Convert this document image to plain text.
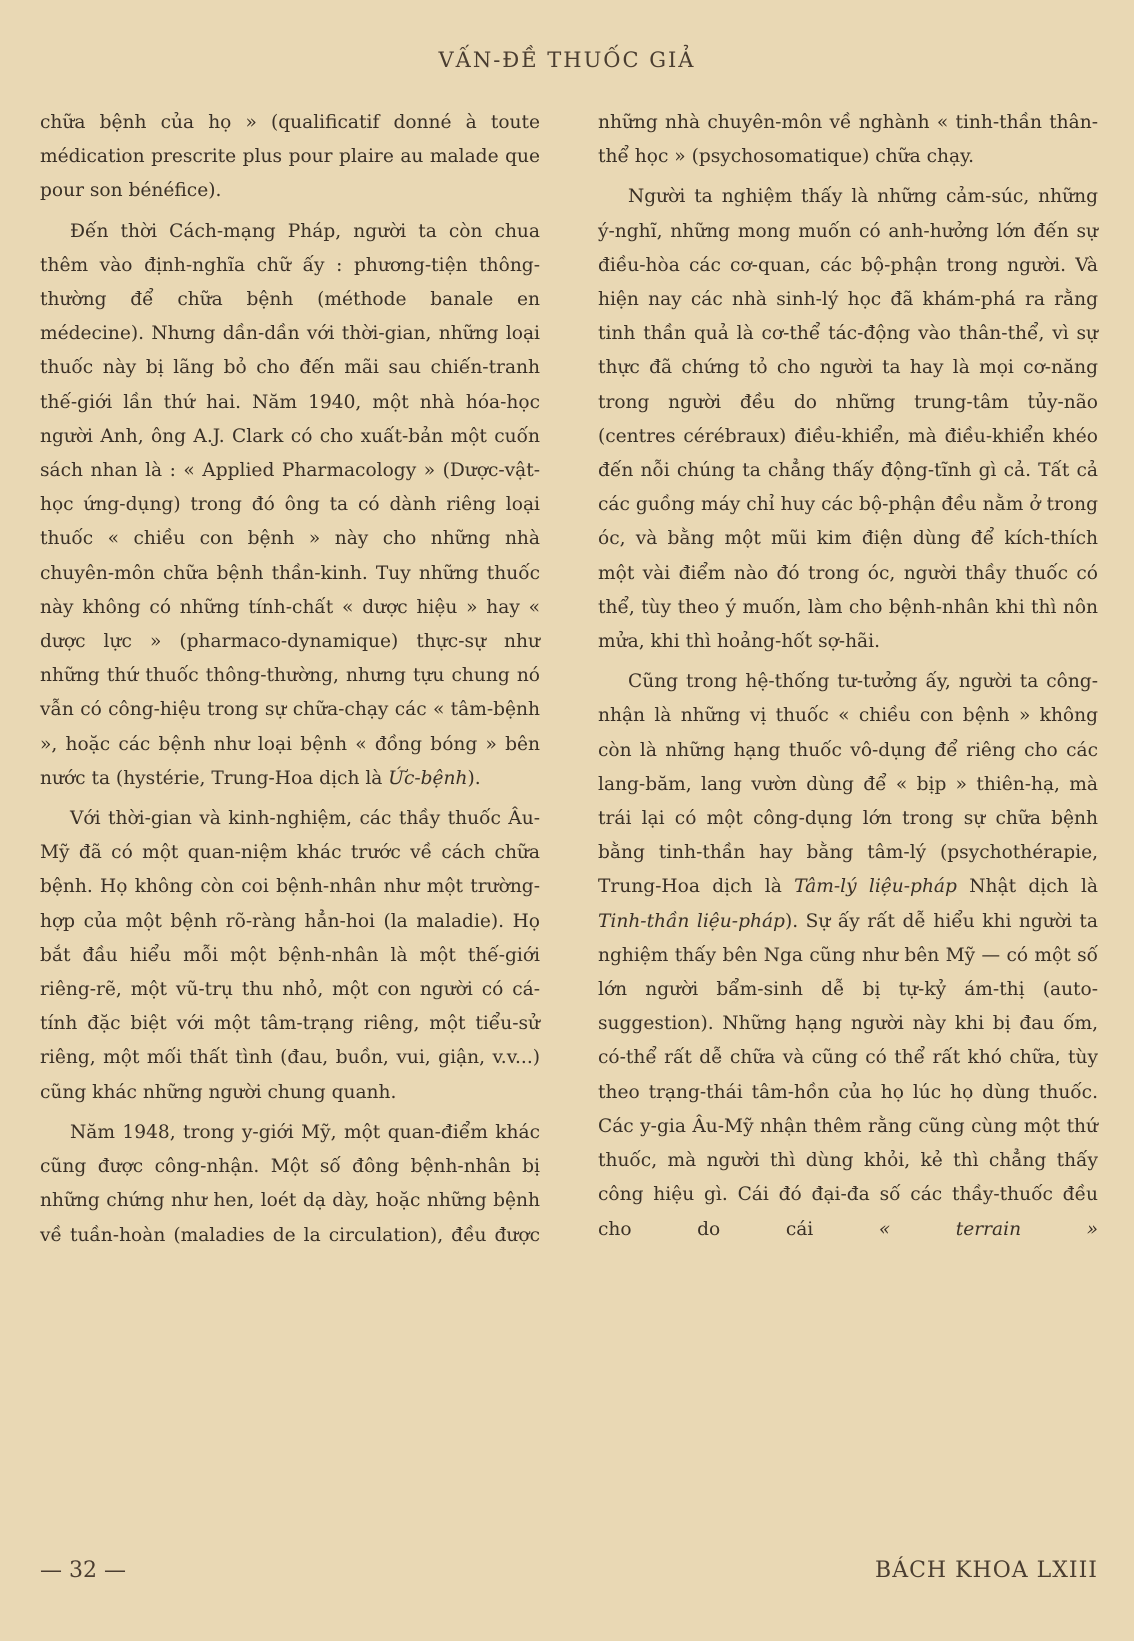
VẤN-ĐỀ THUỐC GIẢ

chữa bệnh của họ » (qualificatif donné à toute médication prescrite plus pour plaire au malade que pour son bénéfice).

Đến thời Cách-mạng Pháp, người ta còn chua thêm vào định-nghĩa chữ ấy : phương-tiện thông-thường để chữa bệnh (méthode banale en médecine). Nhưng dần-dần với thời-gian, những loại thuốc này bị lãng bỏ cho đến mãi sau chiến-tranh thế-giới lần thứ hai. Năm 1940, một nhà hóa-học người Anh, ông A.J. Clark có cho xuất-bản một cuốn sách nhan là : « Applied Pharmacology » (Dược-vật-học ứng-dụng) trong đó ông ta có dành riêng loại thuốc « chiều con bệnh » này cho những nhà chuyên-môn chữa bệnh thần-kinh. Tuy những thuốc này không có những tính-chất « dược hiệu » hay « dược lực » (pharmaco-dynamique) thực-sự như những thứ thuốc thông-thường, nhưng tựu chung nó vẫn có công-hiệu trong sự chữa-chạy các « tâm-bệnh », hoặc các bệnh như loại bệnh « đồng bóng » bên nước ta (hystérie, Trung-Hoa dịch là Ức-bệnh).

Với thời-gian và kinh-nghiệm, các thầy thuốc Âu-Mỹ đã có một quan-niệm khác trước về cách chữa bệnh. Họ không còn coi bệnh-nhân như một trường-hợp của một bệnh rõ-ràng hẳn-hoi (la maladie). Họ bắt đầu hiểu mỗi một bệnh-nhân là một thế-giới riêng-rẽ, một vũ-trụ thu nhỏ, một con người có cá-tính đặc biệt với một tâm-trạng riêng, một tiểu-sử riêng, một mối thất tình (đau, buồn, vui, giận, v.v...) cũng khác những người chung quanh.

Năm 1948, trong y-giới Mỹ, một quan-điểm khác cũng được công-nhận. Một số đông bệnh-nhân bị những chứng như hen, loét dạ dày, hoặc những bệnh về tuần-hoàn (maladies de la circulation), đều được

những nhà chuyên-môn về nghành « tinh-thần thân-thể học » (psychosomatique) chữa chạy.

Người ta nghiệm thấy là những cảm-súc, những ý-nghĩ, những mong muốn có anh-hưởng lớn đến sự điều-hòa các cơ-quan, các bộ-phận trong người. Và hiện nay các nhà sinh-lý học đã khám-phá ra rằng tinh thần quả là cơ-thể tác-động vào thân-thể, vì sự thực đã chứng tỏ cho người ta hay là mọi cơ-năng trong người đều do những trung-tâm tủy-não (centres cérébraux) điều-khiển, mà điều-khiển khéo đến nỗi chúng ta chẳng thấy động-tĩnh gì cả. Tất cả các guồng máy chỉ huy các bộ-phận đều nằm ở trong óc, và bằng một mũi kim điện dùng để kích-thích một vài điểm nào đó trong óc, người thầy thuốc có thể, tùy theo ý muốn, làm cho bệnh-nhân khi thì nôn mửa, khi thì hoảng-hốt sợ-hãi.

Cũng trong hệ-thống tư-tưởng ấy, người ta công-nhận là những vị thuốc « chiều con bệnh » không còn là những hạng thuốc vô-dụng để riêng cho các lang-băm, lang vườn dùng để « bịp » thiên-hạ, mà trái lại có một công-dụng lớn trong sự chữa bệnh bằng tinh-thần hay bằng tâm-lý (psychothérapie, Trung-Hoa dịch là Tâm-lý liệu-pháp Nhật dịch là Tinh-thần liệu-pháp). Sự ấy rất dễ hiểu khi người ta nghiệm thấy bên Nga cũng như bên Mỹ — có một số lớn người bẩm-sinh dễ bị tự-kỷ ám-thị (auto-suggestion). Những hạng người này khi bị đau ốm, có-thể rất dễ chữa và cũng có thể rất khó chữa, tùy theo trạng-thái tâm-hồn của họ lúc họ dùng thuốc. Các y-gia Âu-Mỹ nhận thêm rằng cũng cùng một thứ thuốc, mà người thì dùng khỏi, kẻ thì chẳng thấy công hiệu gì. Cái đó đại-đa số các thầy-thuốc đều cho do cái	« terrain »

— 32 —	BÁCH KHOA LXIII
